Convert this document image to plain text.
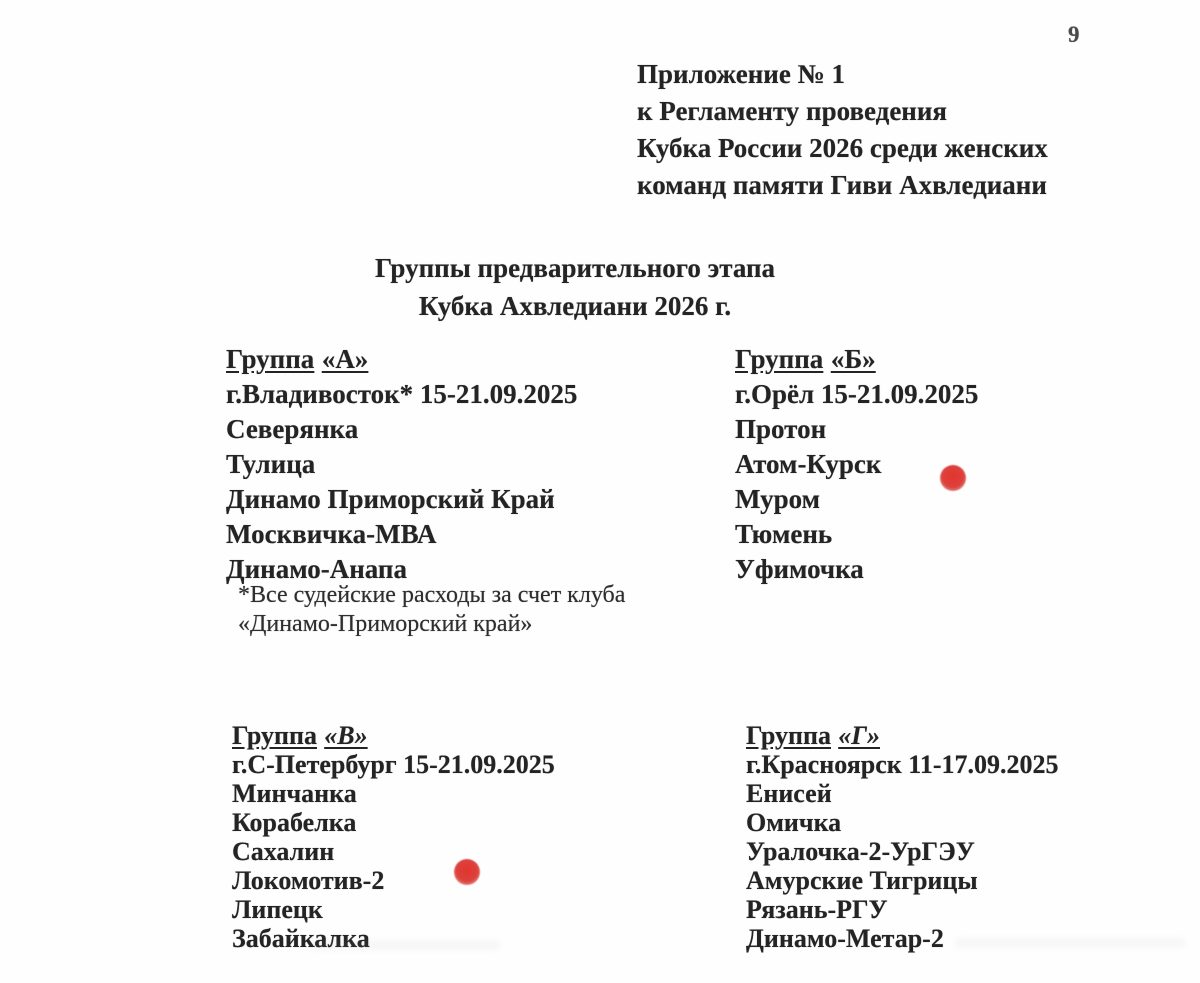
9
Приложение № 1
к Регламенту проведения
Кубка России 2026 среди женских
команд памяти Гиви Ахвледиани
Группы предварительного этапа
Кубка Ахвледиани 2026 г.
Группа «А»
г.Владивосток* 15-21.09.2025
Северянка
Тулица
Динамо Приморский Край
Москвичка-МВА
Динамо-Анапа
Группа «Б»
г.Орёл 15-21.09.2025
Протон
Атом-Курск
Муром
Тюмень
Уфимочка
*Все судейские расходы за счет клуба
«Динамо-Приморский край»
Группа «В»
г.С-Петербург 15-21.09.2025
Минчанка
Корабелка
Сахалин
Локомотив-2
Липецк
Забайкалка
Группа «Г»
г.Красноярск 11-17.09.2025
Енисей
Омичка
Уралочка-2-УрГЭУ
Амурские Тигрицы
Рязань-РГУ
Динамо-Метар-2
